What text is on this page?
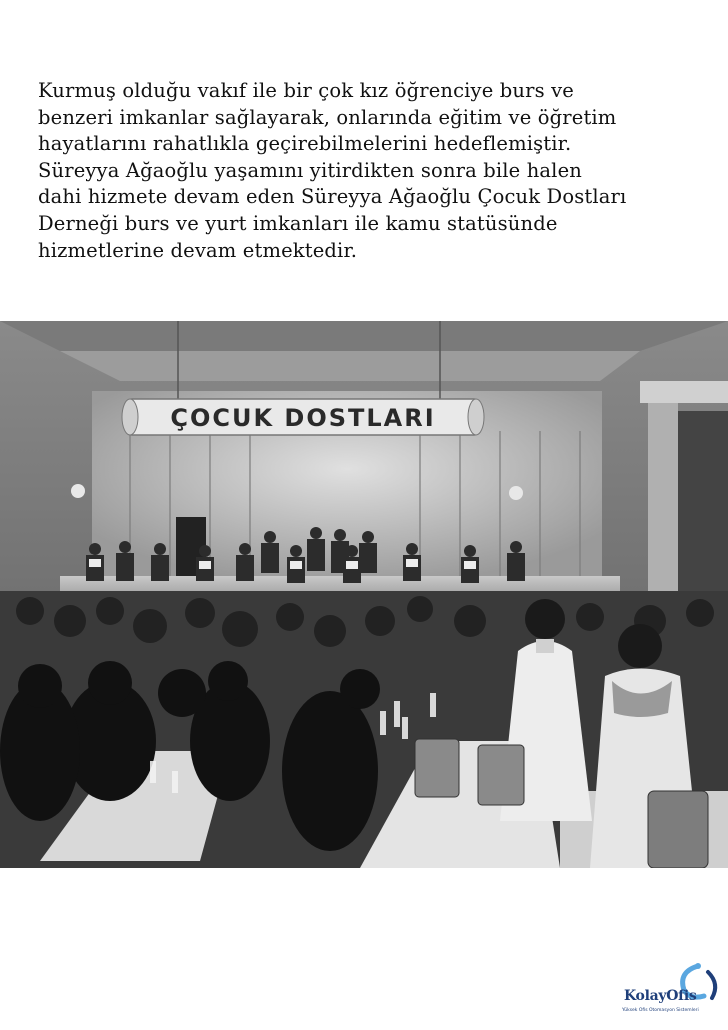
Kurmuş olduğu vakıf ile bir çok kız öğrenciye burs ve
benzeri imkanlar sağlayarak, onlarında eğitim ve öğretim
hayatlarını rahatlıkla geçirebilmelerini hedeflemiştir.
Süreyya Ağaoğlu yaşamını yitirdikten sonra bile halen
dahi hizmete devam eden Süreyya Ağaoğlu Çocuk Dostları
Derneği burs ve yurt imkanları ile kamu statüsünde
hizmetlerine devam etmektedir.
ÇOCUK DOSTLARI
KolayOfis
Yüksek Ofis Otomasyon Sistemleri
